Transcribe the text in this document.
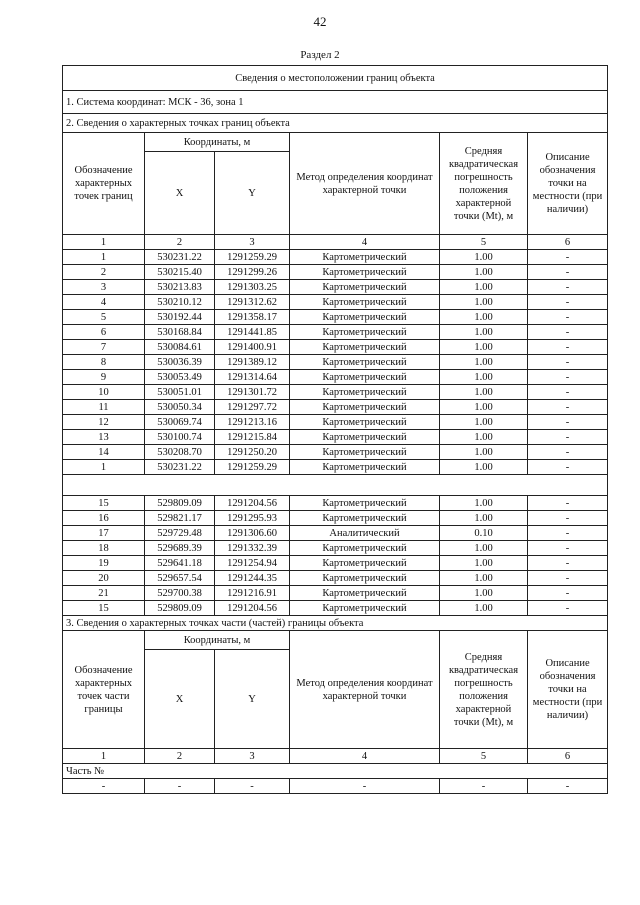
42
Раздел 2
Сведения о местоположении границ объекта					
1. Система координат: МСК - 36, зона 1					
2. Сведения о характерных точках границ объекта					
Обозначение характерных точек границ	Координаты, м		Метод определения координат характерной точки	Средняя квадратическая погрешность положения характерной точки (Mt), м	Описание обозначения точки на местности (при наличии)
	X	Y			
1	2	3	4	5	6
1	530231.22	1291259.29	Картометрический	1.00	-
2	530215.40	1291299.26	Картометрический	1.00	-
3	530213.83	1291303.25	Картометрический	1.00	-
4	530210.12	1291312.62	Картометрический	1.00	-
5	530192.44	1291358.17	Картометрический	1.00	-
6	530168.84	1291441.85	Картометрический	1.00	-
7	530084.61	1291400.91	Картометрический	1.00	-
8	530036.39	1291389.12	Картометрический	1.00	-
9	530053.49	1291314.64	Картометрический	1.00	-
10	530051.01	1291301.72	Картометрический	1.00	-
11	530050.34	1291297.72	Картометрический	1.00	-
12	530069.74	1291213.16	Картометрический	1.00	-
13	530100.74	1291215.84	Картометрический	1.00	-
14	530208.70	1291250.20	Картометрический	1.00	-
1	530231.22	1291259.29	Картометрический	1.00	-

15	529809.09	1291204.56	Картометрический	1.00	-
16	529821.17	1291295.93	Картометрический	1.00	-
17	529729.48	1291306.60	Аналитический	0.10	-
18	529689.39	1291332.39	Картометрический	1.00	-
19	529641.18	1291254.94	Картометрический	1.00	-
20	529657.54	1291244.35	Картометрический	1.00	-
21	529700.38	1291216.91	Картометрический	1.00	-
15	529809.09	1291204.56	Картометрический	1.00	-
3. Сведения о характерных точках части (частей) границы объекта					
Обозначение характерных точек части границы	Координаты, м		Метод определения координат характерной точки	Средняя квадратическая погрешность положения характерной точки (Mt), м	Описание обозначения точки на местности (при наличии)
	X	Y			
1	2	3	4	5	6
Часть №					
-	-	-	-	-	-
